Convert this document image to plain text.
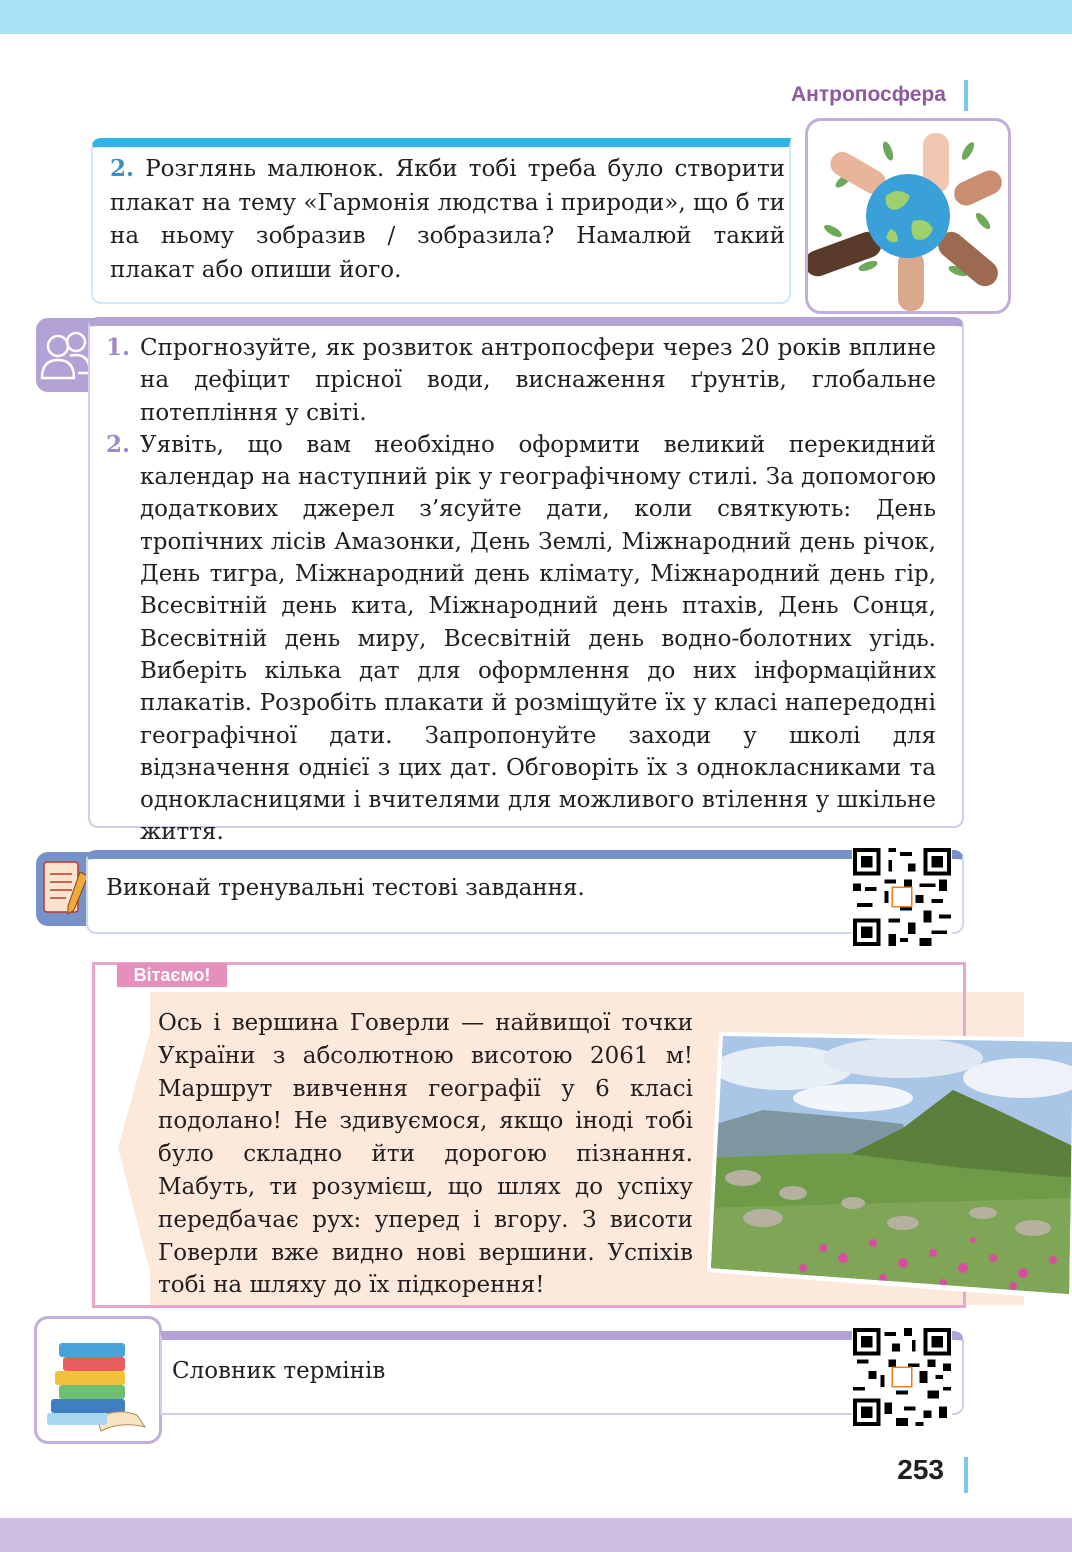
Антропосфера
2. Розглянь малюнок. Якби тобі треба було створити плакат на тему «Гармонія людства і природи», що б ти на ньому зобразив / зобразила? Намалюй такий плакат або опиши його.
1. Спрогнозуйте, як розвиток антропосфери через 20 років вплине на дефіцит прісної води, виснаження ґрунтів, глобальне потепління у світі.
2. Уявіть, що вам необхідно оформити великий перекидний календар на наступний рік у географічному стилі. За допомогою додаткових джерел з’ясуйте дати, коли святкують: День тропічних лісів Амазонки, День Землі, Міжнародний день річок, День тигра, Міжнародний день клімату, Міжнародний день гір, Всесвітній день кита, Міжнародний день птахів, День Сонця, Всесвітній день миру, Всесвітній день водно-болотних угідь. Виберіть кілька дат для оформлення до них інформаційних плакатів. Розробіть плакати й розміщуйте їх у класі напередодні географічної дати. Запропонуйте заходи у школі для відзначення однієї з цих дат. Обговоріть їх з однокласниками та однокласницями і вчителями для можливого втілення у шкільне життя.
Виконай тренувальні тестові завдання.
Вітаємо!
Ось і вершина Говерли — найвищої точки України з абсолютною висотою 2061 м! Маршрут вивчення географії у 6 класі подолано! Не здивуємося, якщо іноді тобі було складно йти дорогою пізнання. Мабуть, ти розумієш, що шлях до успіху передбачає рух: уперед і вгору. З висоти Говерли вже видно нові вершини. Успіхів тобі на шляху до їх підкорення!
Словник термінів
253
